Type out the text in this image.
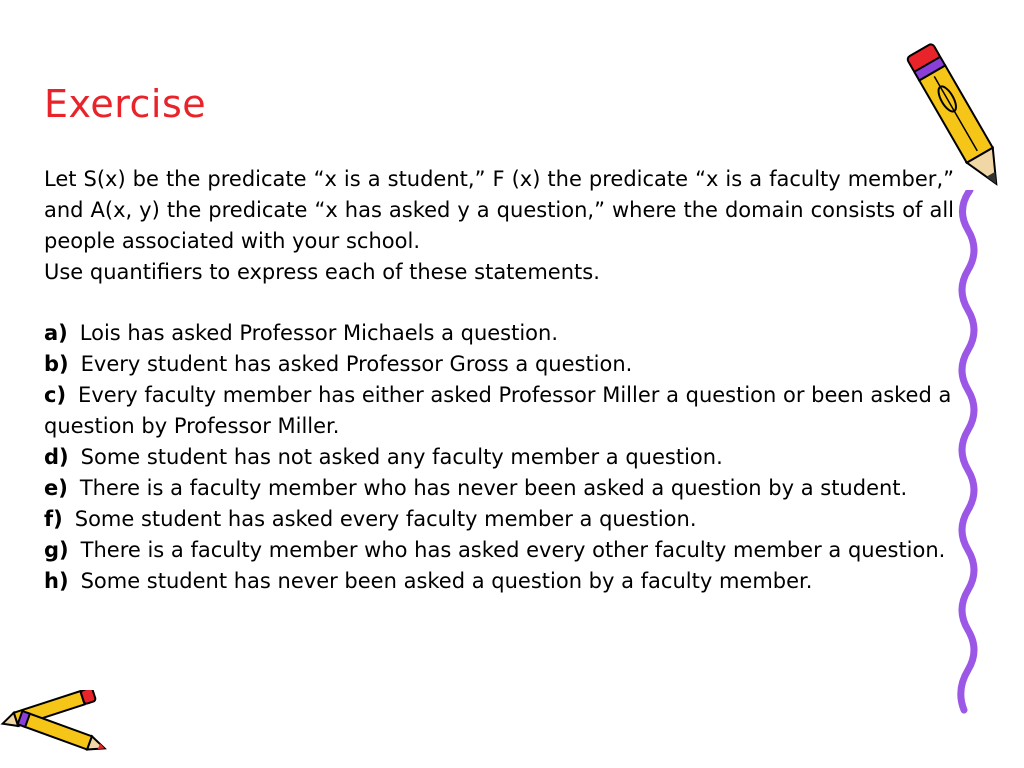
Exercise

Let S(x) be the predicate “x is a student,” F (x) the predicate “x is a faculty member,” and A(x, y) the predicate “x has asked y a question,” where the domain consists of all people associated with your school.

Use quantifiers to express each of these statements.

a) Lois has asked Professor Michaels a question.
b) Every student has asked Professor Gross a question.
c) Every faculty member has either asked Professor Miller a question or been asked a question by Professor Miller.
d) Some student has not asked any faculty member a question.
e) There is a faculty member who has never been asked a question by a student.
f) Some student has asked every faculty member a question.
g) There is a faculty member who has asked every other faculty member a question.
h) Some student has never been asked a question by a faculty member.
